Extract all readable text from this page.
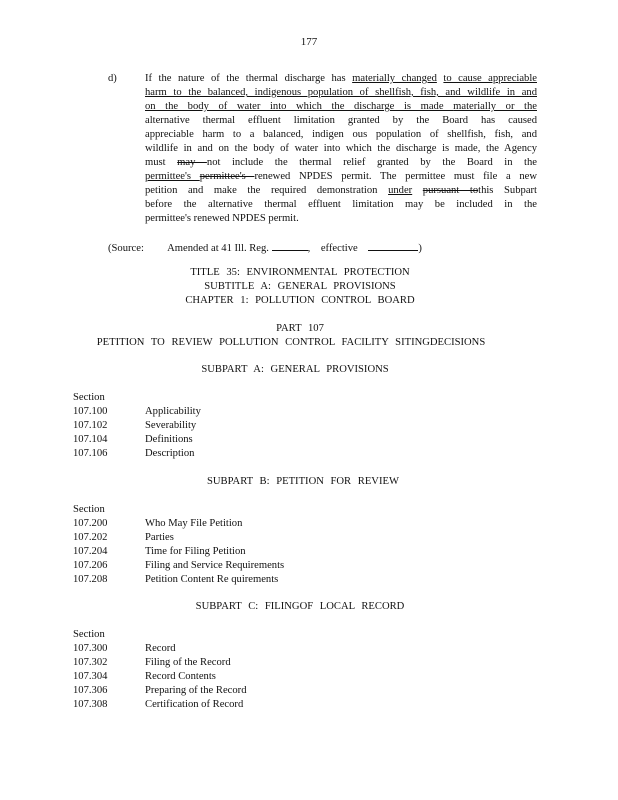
177
d)	If the nature of the thermal discharge has materially changed to cause appreciable
harm to the balanced, indigenous population of shellfish, fish, and wildlife in and
on the body of water into which the discharge is made materially or the
alternative thermal effluent limitation granted by the Board has caused
appreciable harm to a balanced, indigen ous population of shellfish, fish, and
wildlife in and on the body of water into which the discharge is made, the Agency
must may not include the thermal relief granted by the Board in the
permittee's permittee's renewed NPDES permit. The permittee must file a new
petition and make the required demonstration under pursuant tothis Subpart
before the alternative thermal effluent limitation may be included in the
permittee's renewed NPDES permit.
(Source: Amended at 41 Ill. Reg.	, effective	)
TITLE 35: ENVIRONMENTAL PROTECTION
SUBTITLE A: GENERAL PROVISIONS
CHAPTER 1: POLLUTION CONTROL BOARD
PART 107
PETITION TO REVIEW POLLUTION CONTROL FACILITY SITINGDECISIONS
SUBPART A: GENERAL PROVISIONS
Section
107.100	Applicability
107.102	Severability
107.104	Definitions
107.106	Description
SUBPART B: PETITION FOR REVIEW
Section
107.200	Who May File Petition
107.202	Parties
107.204	Time for Filing Petition
107.206	Filing and Service Requirements
107.208	Petition Content Re quirements
SUBPART C: FILINGOF LOCAL RECORD
Section
107.300	Record
107.302	Filing of the Record
107.304	Record Contents
107.306	Preparing of the Record
107.308	Certification of Record
